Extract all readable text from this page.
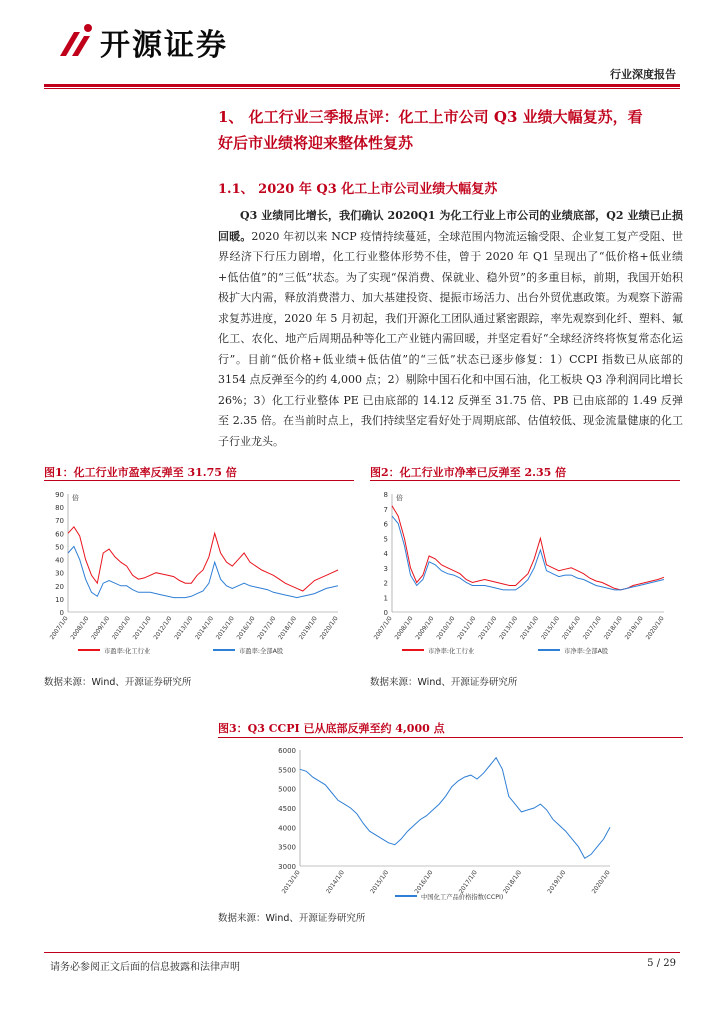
开源证券
行业深度报告
1、 化工行业三季报点评：化工上市公司 Q3 业绩大幅复苏，看
好后市业绩将迎来整体性复苏
1.1、 2020 年 Q3 化工上市公司业绩大幅复苏
Q3 业绩同比增长，我们确认 2020Q1 为化工行业上市公司的业绩底部，Q2 业绩已止损回暖。2020 年初以来 NCP 疫情持续蔓延，全球范围内物流运输受限、企业复工复产受阻、世界经济下行压力剧增，化工行业整体形势不佳，曾于 2020 年 Q1 呈现出了“低价格+低业绩+低估值”的“三低”状态。为了实现“保消费、保就业、稳外贸”的多重目标，前期，我国开始积极扩大内需，释放消费潜力、加大基建投资、提振市场活力、出台外贸优惠政策。为观察下游需求复苏进度，2020 年 5 月初起，我们开源化工团队通过紧密跟踪，率先观察到化纤、塑料、氟化工、农化、地产后周期品种等化工产业链内需回暖，并坚定看好“全球经济终将恢复常态化运行”。目前“低价格+低业绩+低估值”的“三低”状态已逐步修复：1）CCPI 指数已从底部的 3154 点反弹至今的约 4,000 点；2）剔除中国石化和中国石油，化工板块 Q3 净利润同比增长 26%；3）化工行业整体 PE 已由底部的 14.12 反弹至 31.75 倍、PB 已由底部的 1.49 反弹至 2.35 倍。在当前时点上，我们持续坚定看好处于周期底部、估值较低、现金流量健康的化工子行业龙头。
图1：化工行业市盈率反弹至 31.75 倍
0
10
20
30
40
50
60
70
80
90 倍
2007/1/0 2008/1/0 2009/1/0 2010/1/0 2011/1/0 2012/1/0 2013/1/0 2014/1/0 2015/1/0 2016/1/0 2017/1/0 2018/1/0 2019/1/0 2020/1/0
市盈率:化工行业	市盈率:全部A股
数据来源：Wind、开源证券研究所
图2：化工行业市净率已反弹至 2.35 倍
0
1
2
3
4
5
6
7
8 倍
2007/1/0 2008/1/0 2009/1/0 2010/1/0 2011/1/0 2012/1/0 2013/1/0 2014/1/0 2015/1/0 2016/1/0 2017/1/0 2018/1/0 2019/1/0 2020/1/0
市净率:化工行业	市净率:全部A股
数据来源：Wind、开源证券研究所
图3：Q3 CCPI 已从底部反弹至约 4,000 点
3000
3500
4000
4500
5000
5500
6000
2013/1/0	2014/1/0	2015/1/0	2016/1/0	2017/1/0	2018/1/0	2019/1/0	2020/1/0
中国化工产品价格指数(CCPI)
数据来源：Wind、开源证券研究所
请务必参阅正文后面的信息披露和法律声明	5 / 29
